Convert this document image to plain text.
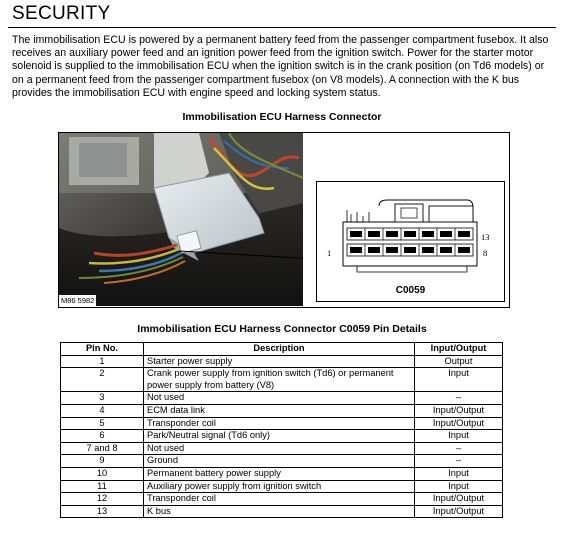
SECURITY
The immobilisation ECU is powered by a permanent battery feed from the passenger compartment fusebox. It also receives an auxiliary power feed and an ignition power feed from the ignition switch. Power for the starter motor solenoid is supplied to the immobilisation ECU when the ignition switch is in the crank position (on Td6 models) or on a permanent feed from the passenger compartment fusebox (on V8 models). A connection with the K bus provides the immobilisation ECU with engine speed and locking system status.
Immobilisation ECU Harness Connector
M86 5982
1
13
8
C0059
Immobilisation ECU Harness Connector C0059 Pin Details
Pin No.	Description	Input/Output
1	Starter power supply	Output
2	Crank power supply from ignition switch (Td6) or permanent power supply from battery (V8)	Input
3	Not used	–
4	ECM data link	Input/Output
5	Transponder coil	Input/Output
6	Park/Neutral signal (Td6 only)	Input
7 and 8	Not used	–
9	Ground	–
10	Permanent battery power supply	Input
11	Auxiliary power supply from ignition switch	Input
12	Transponder coil	Input/Output
13	K bus	Input/Output
